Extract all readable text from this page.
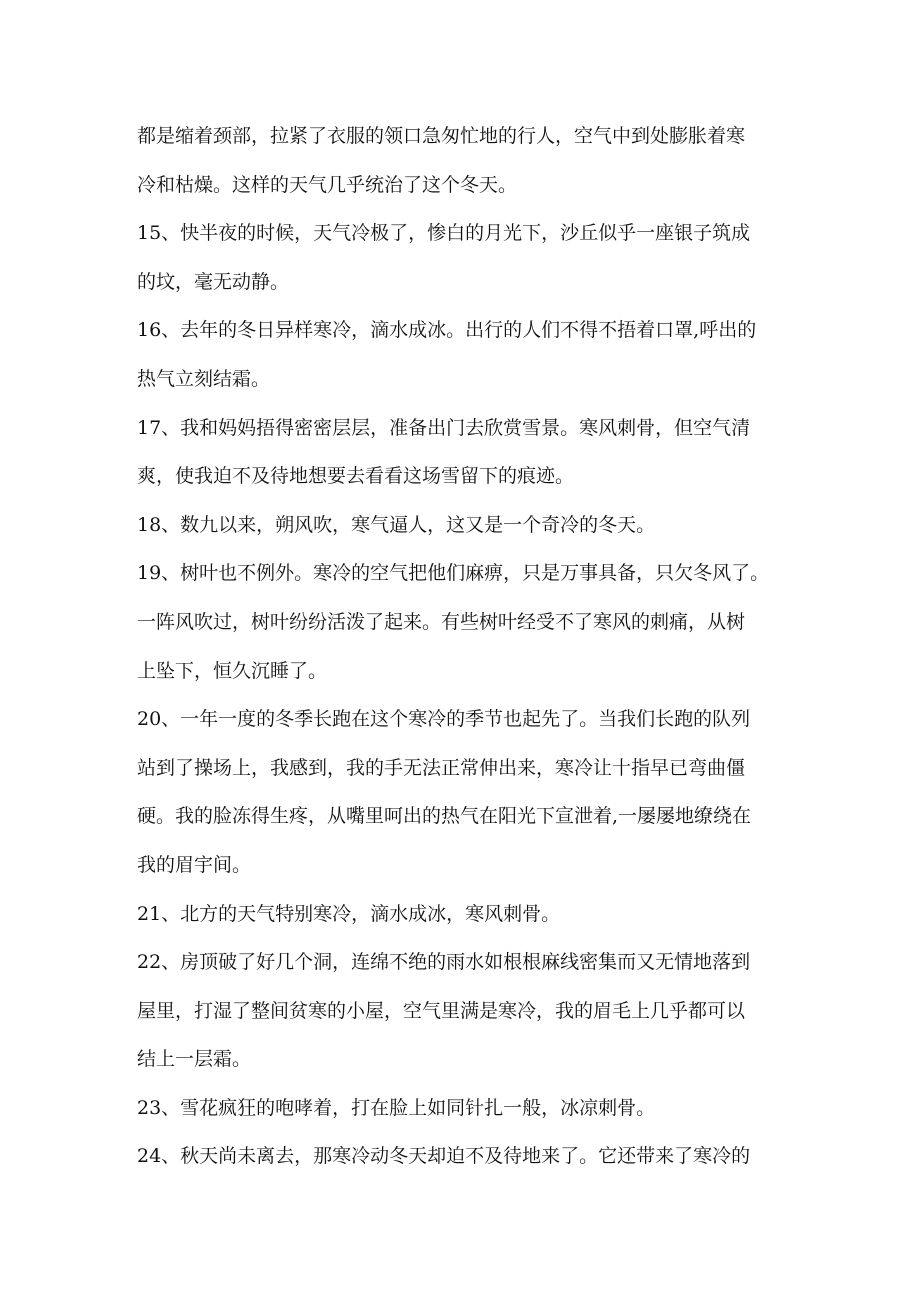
都是缩着颈部，拉紧了衣服的领口急匆忙地的行人，空气中到处膨胀着寒
冷和枯燥。这样的天气几乎统治了这个冬天。
15、快半夜的时候，天气冷极了，惨白的月光下，沙丘似乎一座银子筑成
的坟，毫无动静。
16、去年的冬日异样寒冷，滴水成冰。出行的人们不得不捂着口罩,呼出的
热气立刻结霜。
17、我和妈妈捂得密密层层，准备出门去欣赏雪景。寒风刺骨，但空气清
爽，使我迫不及待地想要去看看这场雪留下的痕迹。
18、数九以来，朔风吹，寒气逼人，这又是一个奇冷的冬天。
19、树叶也不例外。寒冷的空气把他们麻痹，只是万事具备，只欠冬风了。
一阵风吹过，树叶纷纷活泼了起来。有些树叶经受不了寒风的刺痛，从树
上坠下，恒久沉睡了。
20、一年一度的冬季长跑在这个寒冷的季节也起先了。当我们长跑的队列
站到了操场上，我感到，我的手无法正常伸出来，寒冷让十指早已弯曲僵
硬。我的脸冻得生疼，从嘴里呵出的热气在阳光下宣泄着,一屡屡地缭绕在
我的眉宇间。
21、北方的天气特别寒冷，滴水成冰，寒风刺骨。
22、房顶破了好几个洞，连绵不绝的雨水如根根麻线密集而又无情地落到
屋里，打湿了整间贫寒的小屋，空气里满是寒冷，我的眉毛上几乎都可以
结上一层霜。
23、雪花疯狂的咆哮着，打在脸上如同针扎一般，冰凉刺骨。
24、秋天尚未离去，那寒冷动冬天却迫不及待地来了。它还带来了寒冷的
